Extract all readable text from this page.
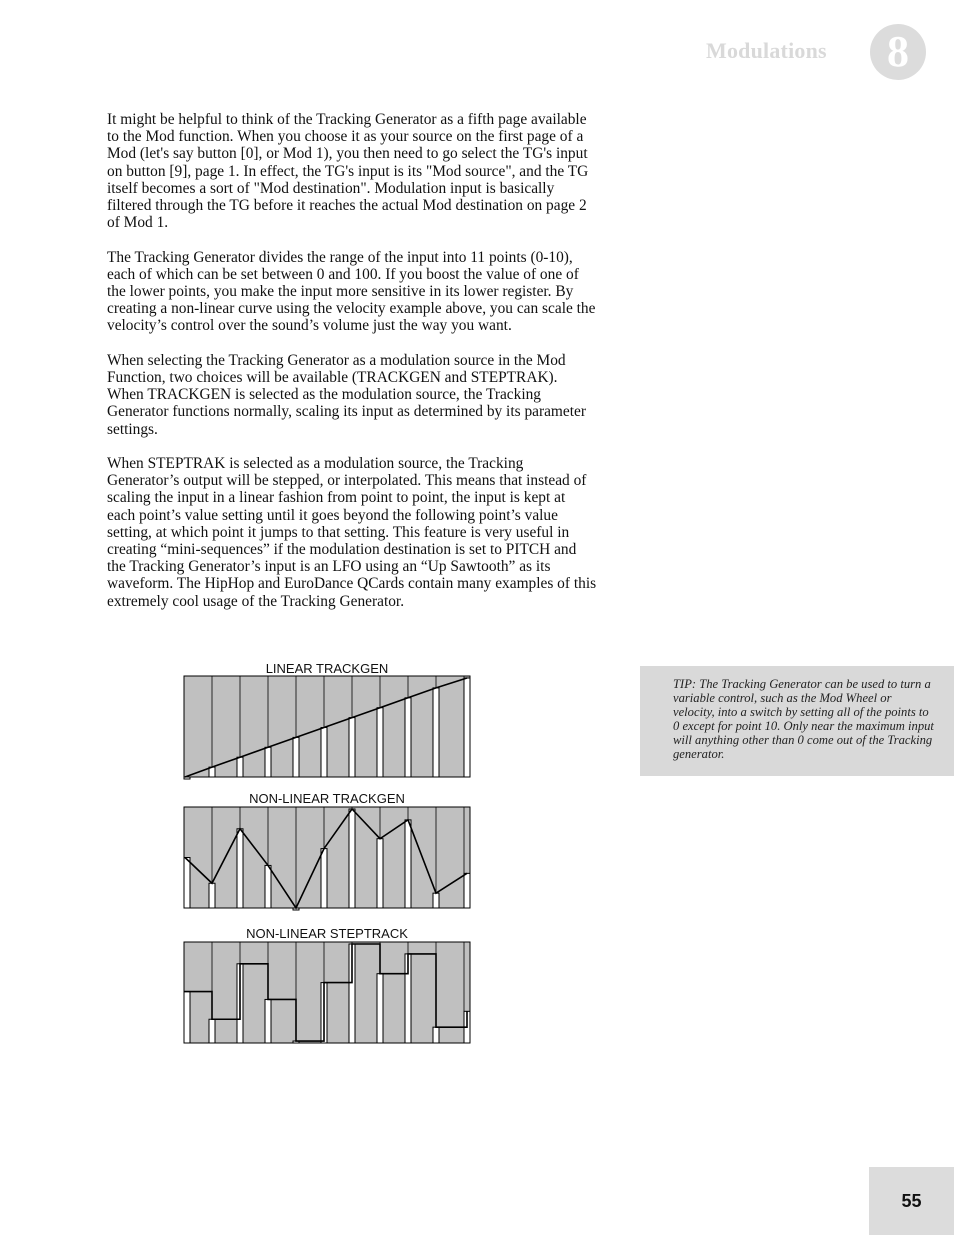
Modulations	8

It might be helpful to think of the Tracking Generator as a fifth page available to the Mod function. When you choose it as your source on the first page of a Mod (let's say button [0], or Mod 1), you then need to go select the TG's input on button [9], page 1. In effect, the TG's input is its "Mod source", and the TG itself becomes a sort of "Mod destination". Modulation input is basically filtered through the TG before it reaches the actual Mod destination on page 2 of Mod 1.

The Tracking Generator divides the range of the input into 11 points (0-10), each of which can be set between 0 and 100. If you boost the value of one of the lower points, you make the input more sensitive in its lower register. By creating a non-linear curve using the velocity example above, you can scale the velocity’s control over the sound’s volume just the way you want.

When selecting the Tracking Generator as a modulation source in the Mod Function, two choices will be available (TRACKGEN and STEPTRAK). When TRACKGEN is selected as the modulation source, the Tracking Generator functions normally, scaling its input as determined by its parameter settings.

When STEPTRAK is selected as a modulation source, the Tracking Generator’s output will be stepped, or interpolated. This means that instead of scaling the input in a linear fashion from point to point, the input is kept at each point’s value setting until it goes beyond the following point’s value setting, at which point it jumps to that setting. This feature is very useful in creating “mini-sequences” if the modulation destination is set to PITCH and the Tracking Generator’s input is an LFO using an “Up Sawtooth” as its waveform. The HipHop and EuroDance QCards contain many examples of this extremely cool usage of the Tracking Generator.

LINEAR TRACKGEN
NON-LINEAR TRACKGEN
NON-LINEAR STEPTRACK
TIP: The Tracking Generator can be used to turn a variable control, such as the Mod Wheel or velocity, into a switch by setting all of the points to 0 except for point 10. Only near the maximum input will anything other than 0 come out of the Tracking generator.
55
